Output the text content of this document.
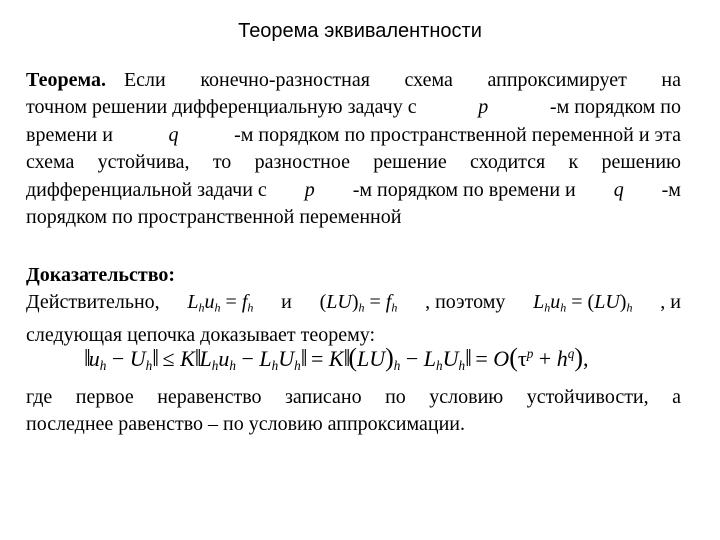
Теорема эквивалентности
Теорема. Если конечно-разностная схема аппроксимирует на
точном решении дифференциальную задачу с	p	-м порядком по
времени и	q	-м порядком по пространственной переменной и эта
схема устойчива, то разностное решение сходится к решению
дифференциальной задачи с p -м порядком по времени и q -м
порядком по пространственной переменной
Доказательство:
Действительно, $L_hu_h = f_h$ и $(LU)_h = f_h$ , поэтому $L_hu_h = (LU)_h$ , и
следующая цепочка доказывает теорему:
где первое неравенство записано по условию устойчивости, а
последнее равенство – по условию аппроксимации.
$‖u_h$ − $U_h‖$ ≤ $K‖L_hu_h$ − $L_hU_h‖$ = $K‖(LU)_h$ − $L_hU_h‖ = O(\tau^p + h^q)$,
